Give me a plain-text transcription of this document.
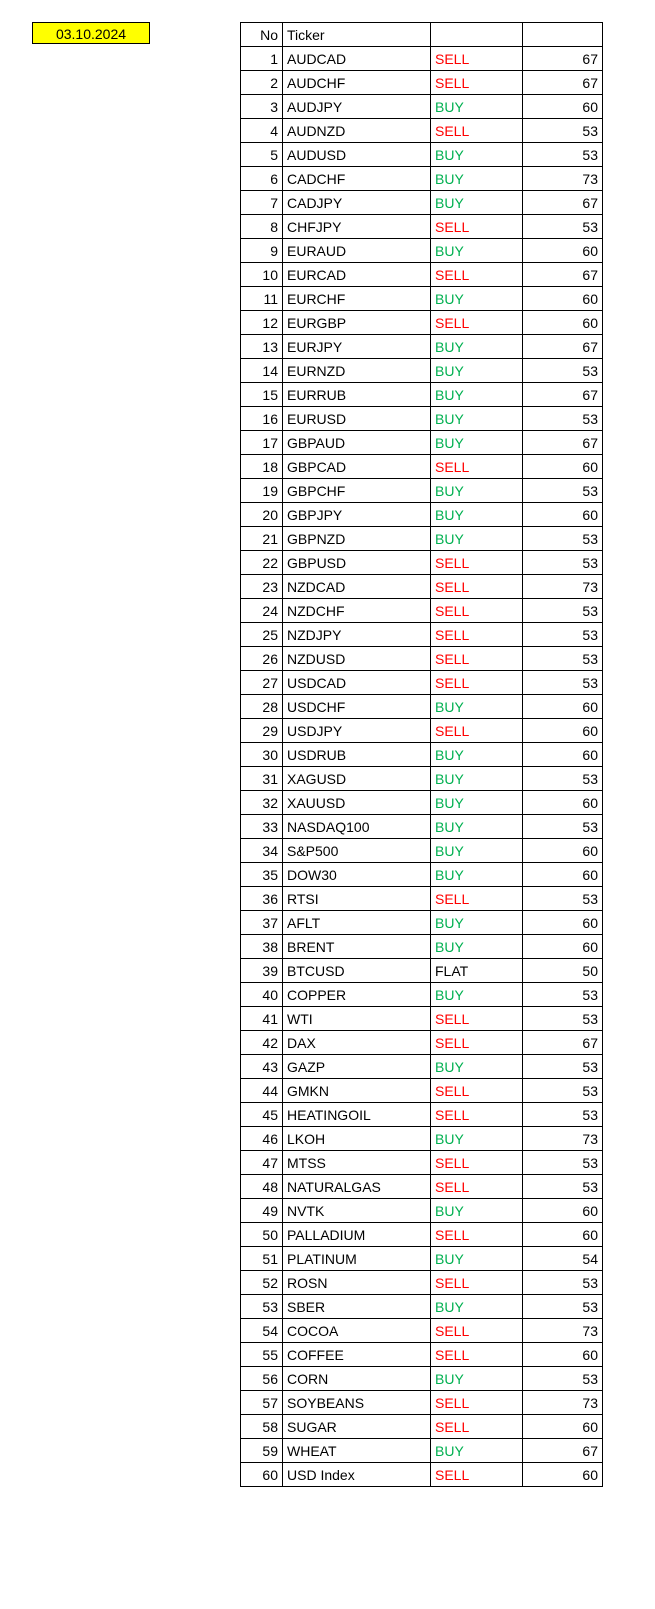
03.10.2024	No	Ticker	TREND	WIN %
1	AUDCAD	SELL	67
2	AUDCHF	SELL	67
3	AUDJPY	BUY	60
4	AUDNZD	SELL	53
5	AUDUSD	BUY	53
6	CADCHF	BUY	73
7	CADJPY	BUY	67
8	CHFJPY	SELL	53
9	EURAUD	BUY	60
10	EURCAD	SELL	67
11	EURCHF	BUY	60
12	EURGBP	SELL	60
13	EURJPY	BUY	67
14	EURNZD	BUY	53
15	EURRUB	BUY	67
16	EURUSD	BUY	53
17	GBPAUD	BUY	67
18	GBPCAD	SELL	60
19	GBPCHF	BUY	53
20	GBPJPY	BUY	60
21	GBPNZD	BUY	53
22	GBPUSD	SELL	53
23	NZDCAD	SELL	73
24	NZDCHF	SELL	53
25	NZDJPY	SELL	53
26	NZDUSD	SELL	53
27	USDCAD	SELL	53
28	USDCHF	BUY	60
29	USDJPY	SELL	60
30	USDRUB	BUY	60
31	XAGUSD	BUY	53
32	XAUUSD	BUY	60
33	NASDAQ100	BUY	53
34	S&P500	BUY	60
35	DOW30	BUY	60
36	RTSI	SELL	53
37	AFLT	BUY	60
38	BRENT	BUY	60
39	BTCUSD	FLAT	50
40	COPPER	BUY	53
41	WTI	SELL	53
42	DAX	SELL	67
43	GAZP	BUY	53
44	GMKN	SELL	53
45	HEATINGOIL	SELL	53
46	LKOH	BUY	73
47	MTSS	SELL	53
48	NATURALGAS	SELL	53
49	NVTK	BUY	60
50	PALLADIUM	SELL	60
51	PLATINUM	BUY	54
52	ROSN	SELL	53
53	SBER	BUY	53
54	COCOA	SELL	73
55	COFFEE	SELL	60
56	CORN	BUY	53
57	SOYBEANS	SELL	73
58	SUGAR	SELL	60
59	WHEAT	BUY	67
60	USD Index	SELL	60
